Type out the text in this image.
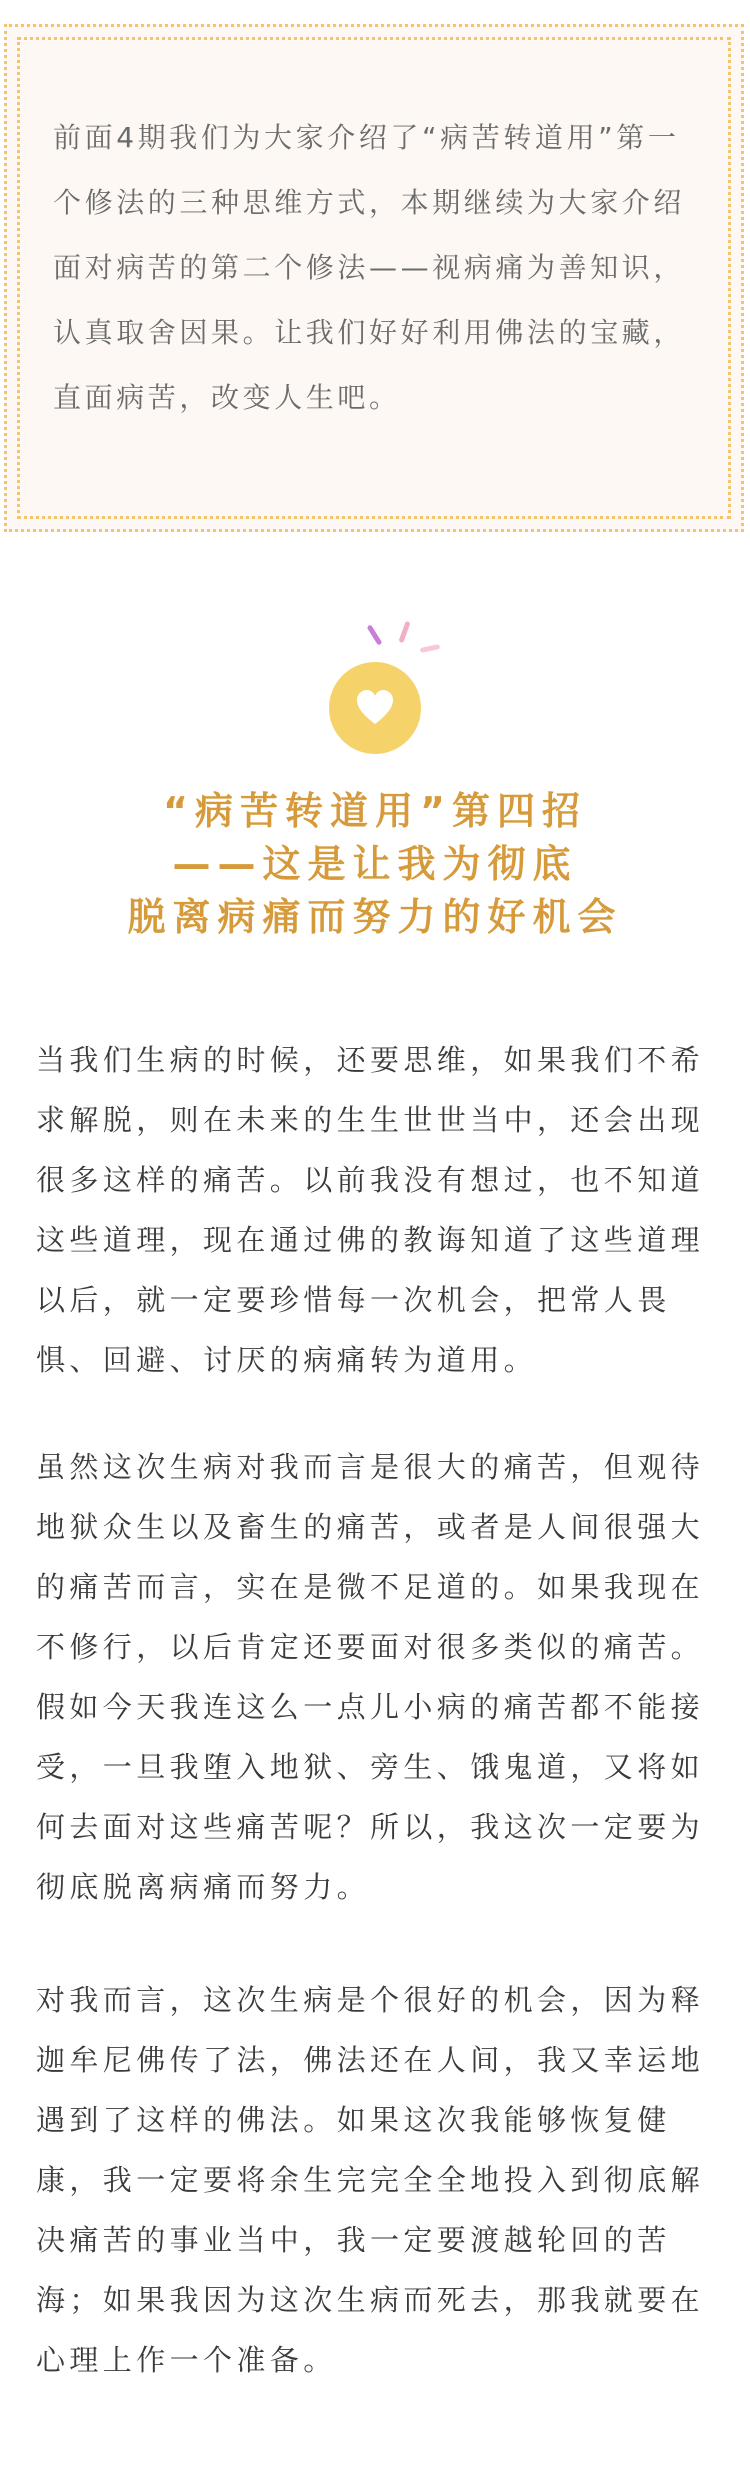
前面4期我们为大家介绍了“病苦转道用”第一个修法的三种思维方式，本期继续为大家介绍面对病苦的第二个修法——视病痛为善知识，认真取舍因果。让我们好好利用佛法的宝藏，直面病苦，改变人生吧。

“病苦转道用”第四招
——这是让我为彻底
脱离病痛而努力的好机会

当我们生病的时候，还要思维，如果我们不希求解脱，则在未来的生生世世当中，还会出现很多这样的痛苦。以前我没有想过，也不知道这些道理，现在通过佛的教诲知道了这些道理以后，就一定要珍惜每一次机会，把常人畏惧、回避、讨厌的病痛转为道用。

虽然这次生病对我而言是很大的痛苦，但观待地狱众生以及畜生的痛苦，或者是人间很强大的痛苦而言，实在是微不足道的。如果我现在不修行，以后肯定还要面对很多类似的痛苦。假如今天我连这么一点儿小病的痛苦都不能接受，一旦我堕入地狱、旁生、饿鬼道，又将如何去面对这些痛苦呢？所以，我这次一定要为彻底脱离病痛而努力。

对我而言，这次生病是个很好的机会，因为释迦牟尼佛传了法，佛法还在人间，我又幸运地遇到了这样的佛法。如果这次我能够恢复健康，我一定要将余生完完全全地投入到彻底解决痛苦的事业当中，我一定要渡越轮回的苦海；如果我因为这次生病而死去，那我就要在心理上作一个准备。
